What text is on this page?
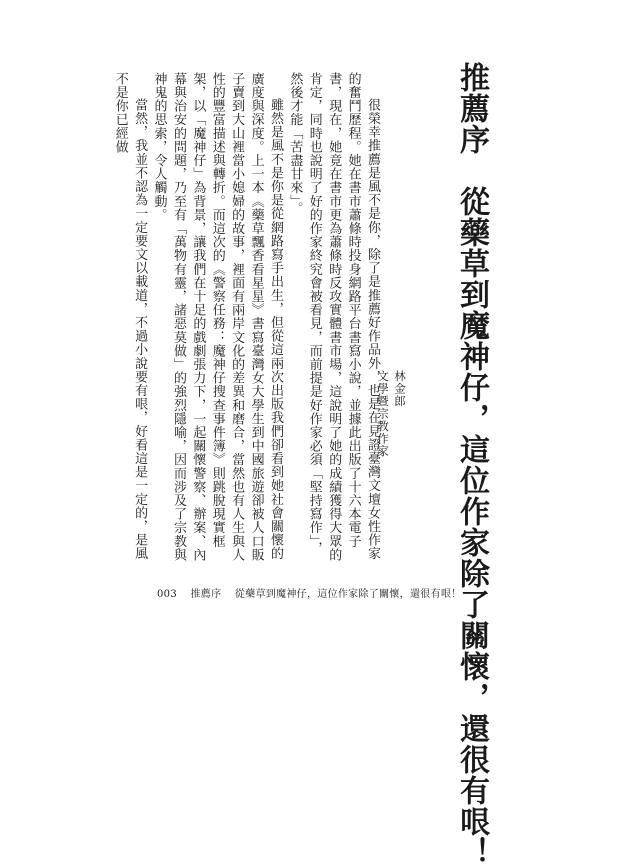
推薦序　從藥草到魔神仔，這位作家除了關懷，還很有哏！
林金郎
文學暨宗教作家

很榮幸推薦是風不是你，除了是推薦好作品外，也是在見證臺灣文壇女性作家的奮鬥歷程。她在書市蕭條時投身網路平台書寫小說，並據此出版了十六本電子書，現在，她竟在書市更為蕭條時反攻實體書市場，這說明了她的成績獲得大眾的肯定，同時也說明了好的作家終究會被看見，而前提是好作家必須「堅持寫作」，然後才能「苦盡甘來」。

雖然是風不是你是從網路寫手出生，但從這兩次出版我們卻看到她社會關懷的廣度與深度。上一本《藥草飄香看星星》書寫臺灣女大學生到中國旅遊卻被人口販子賣到大山裡當小媳婦的故事，裡面有兩岸文化的差異和磨合，當然也有人生與人性的豐富描述與轉折。而這次的《警察任務：魔神仔搜查事件簿》則跳脫現實框架，以「魔神仔」為背景，讓我們在十足的戲劇張力下，一起關懷警察、辦案、內幕與治安的問題，乃至有「萬物有靈，諸惡莫做」的強烈隱喻，因而涉及了宗教與神鬼的思索，令人觸動。

當然，我並不認為一定要文以載道，不過小說要有哏，好看這是一定的，是風不是你已經做

003 推薦序 從藥草到魔神仔，這位作家除了關懷，還很有哏！
